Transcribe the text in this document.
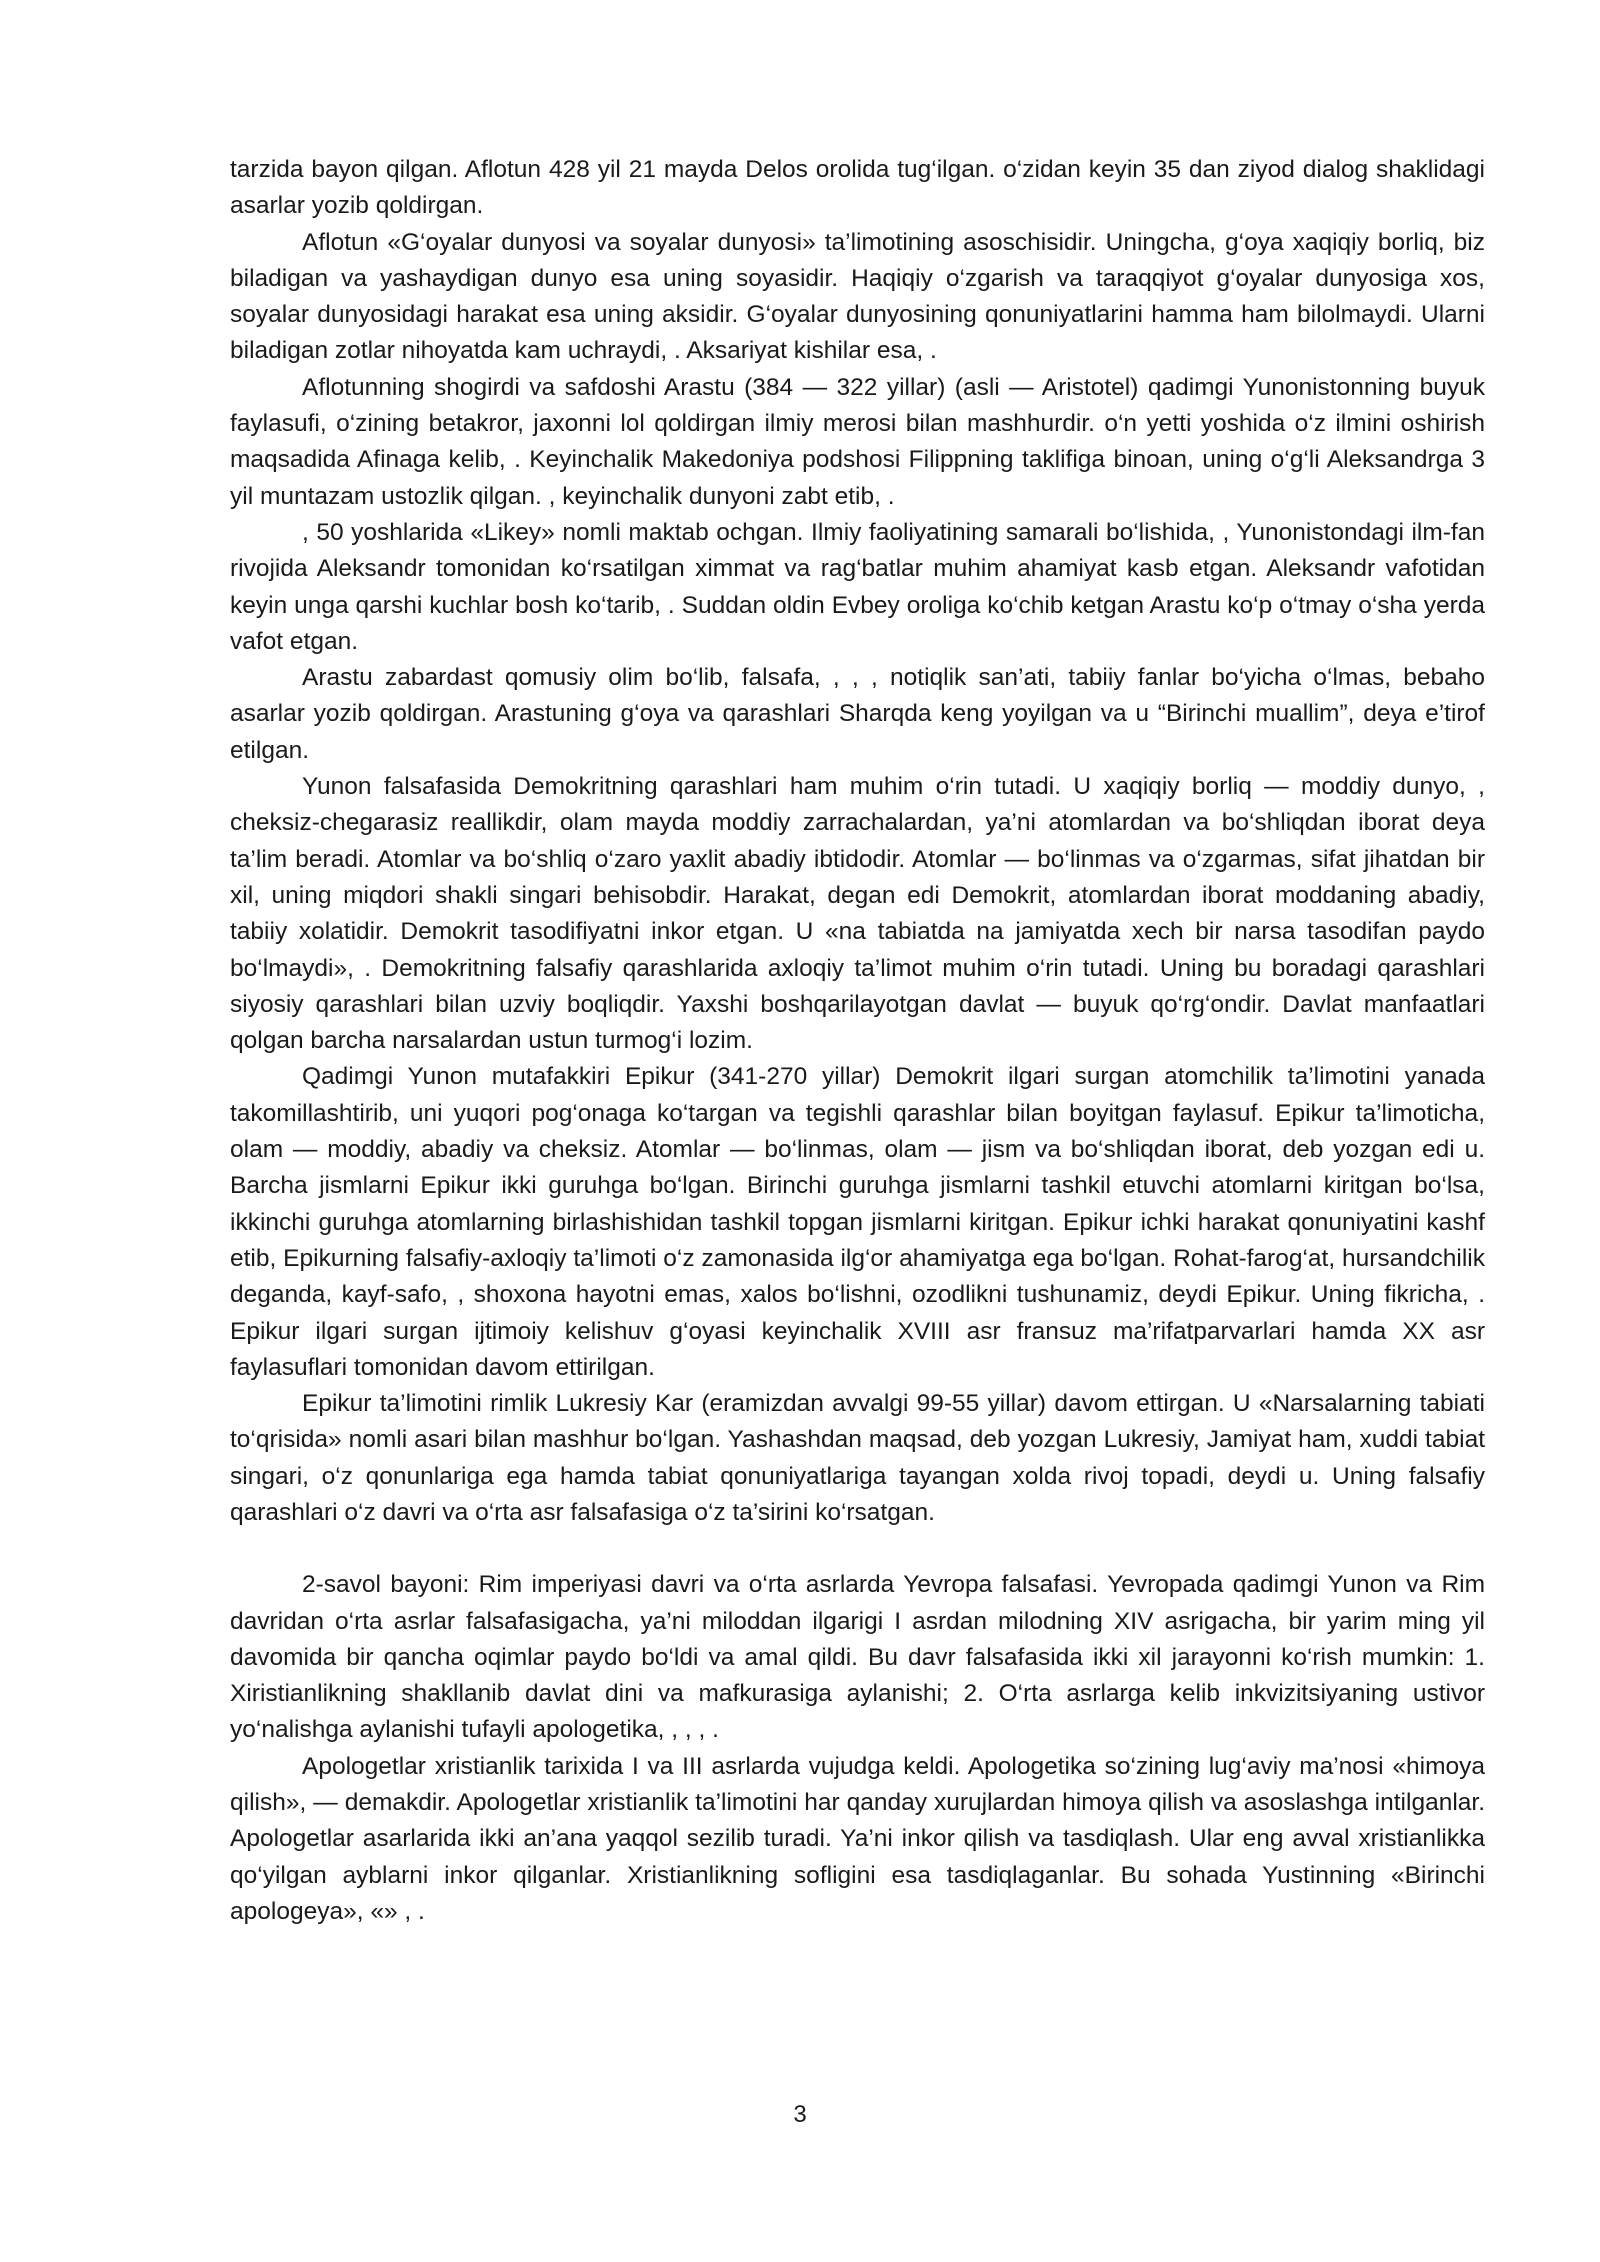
tarzida bayon qilgan. Aflotun 428 yil 21 mayda Delos orolida tug‘ilgan. o‘zidan keyin 35 dan ziyod dialog shaklidagi asarlar yozib qoldirgan.

Aflotun «G‘oyalar dunyosi va soyalar dunyosi» ta’limotining asoschisidir. Uningcha, g‘oya xaqiqiy borliq, biz biladigan va yashaydigan dunyo esa uning soyasidir. Haqiqiy o‘zgarish va taraqqiyot g‘oyalar dunyosiga xos, soyalar dunyosidagi harakat esa uning aksidir. G‘oyalar dunyosining qonuniyatlarini hamma ham bilolmaydi. Ularni biladigan zotlar nihoyatda kam uchraydi, . Aksariyat kishilar esa, .

Aflotunning shogirdi va safdoshi Arastu (384 — 322 yillar) (asli — Aristotel) qadimgi Yunonistonning buyuk faylasufi, o‘zining betakror, jaxonni lol qoldirgan ilmiy merosi bilan mashhurdir. o‘n yetti yoshida o‘z ilmini oshirish maqsadida Afinaga kelib, . Keyinchalik Makedoniya podshosi Filippning taklifiga binoan, uning o‘g‘li Aleksandrga 3 yil muntazam ustozlik qilgan. , keyinchalik dunyoni zabt etib, .

, 50 yoshlarida «Likey» nomli maktab ochgan. Ilmiy faoliyatining samarali bo‘lishida, , Yunonistondagi ilm-fan rivojida Aleksandr tomonidan ko‘rsatilgan ximmat va rag‘batlar muhim ahamiyat kasb etgan. Aleksandr vafotidan keyin unga qarshi kuchlar bosh ko‘tarib, . Suddan oldin Evbey oroliga ko‘chib ketgan Arastu ko‘p o‘tmay o‘sha yerda vafot etgan.

Arastu zabardast qomusiy olim bo‘lib, falsafa, , , , notiqlik san’ati, tabiiy fanlar bo‘yicha o‘lmas, bebaho asarlar yozib qoldirgan. Arastuning g‘oya va qarashlari Sharqda keng yoyilgan va u “Birinchi muallim”, deya e’tirof etilgan.

Yunon falsafasida Demokritning qarashlari ham muhim o‘rin tutadi. U xaqiqiy borliq — moddiy dunyo, , cheksiz-chegarasiz reallikdir, olam mayda moddiy zarrachalardan, ya’ni atomlardan va bo‘shliqdan iborat deya ta’lim beradi. Atomlar va bo‘shliq o‘zaro yaxlit abadiy ibtidodir. Atomlar — bo‘linmas va o‘zgarmas, sifat jihatdan bir xil, uning miqdori shakli singari behisobdir. Harakat, degan edi Demokrit, atomlardan iborat moddaning abadiy, tabiiy xolatidir. Demokrit tasodifiyatni inkor etgan. U «na tabiatda na jamiyatda xech bir narsa tasodifan paydo bo‘lmaydi», . Demokritning falsafiy qarashlarida axloqiy ta’limot muhim o‘rin tutadi. Uning bu boradagi qarashlari siyosiy qarashlari bilan uzviy boqliqdir. Yaxshi boshqarilayotgan davlat — buyuk qo‘rg‘ondir. Davlat manfaatlari qolgan barcha narsalardan ustun turmog‘i lozim.

Qadimgi Yunon mutafakkiri Epikur (341-270 yillar) Demokrit ilgari surgan atomchilik ta’limotini yanada takomillashtirib, uni yuqori pog‘onaga ko‘targan va tegishli qarashlar bilan boyitgan faylasuf. Epikur ta’limoticha, olam — moddiy, abadiy va cheksiz. Atomlar — bo‘linmas, olam — jism va bo‘shliqdan iborat, deb yozgan edi u. Barcha jismlarni Epikur ikki guruhga bo‘lgan. Birinchi guruhga jismlarni tashkil etuvchi atomlarni kiritgan bo‘lsa, ikkinchi guruhga atomlarning birlashishidan tashkil topgan jismlarni kiritgan. Epikur ichki harakat qonuniyatini kashf etib, Epikurning falsafiy-axloqiy ta’limoti o‘z zamonasida ilg‘or ahamiyatga ega bo‘lgan. Rohat-farog‘at, hursandchilik deganda, kayf-safo, , shoxona hayotni emas, xalos bo‘lishni, ozodlikni tushunamiz, deydi Epikur. Uning fikricha, . Epikur ilgari surgan ijtimoiy kelishuv g‘oyasi keyinchalik XVIII asr fransuz ma’rifatparvarlari hamda XX asr faylasuflari tomonidan davom ettirilgan.

Epikur ta’limotini rimlik Lukresiy Kar (eramizdan avvalgi 99-55 yillar) davom ettirgan. U «Narsalarning tabiati to‘qrisida» nomli asari bilan mashhur bo‘lgan. Yashashdan maqsad, deb yozgan Lukresiy, Jamiyat ham, xuddi tabiat singari, o‘z qonunlariga ega hamda tabiat qonuniyatlariga tayangan xolda rivoj topadi, deydi u. Uning falsafiy qarashlari o‘z davri va o‘rta asr falsafasiga o‘z ta’sirini ko‘rsatgan.

2-savol bayoni: Rim imperiyasi davri va o‘rta asrlarda Yevropa falsafasi. Yevropada qadimgi Yunon va Rim davridan o‘rta asrlar falsafasigacha, ya’ni miloddan ilgarigi I asrdan milodning XIV asrigacha, bir yarim ming yil davomida bir qancha oqimlar paydo bo‘ldi va amal qildi. Bu davr falsafasida ikki xil jarayonni ko‘rish mumkin: 1. Xiristianlikning shakllanib davlat dini va mafkurasiga aylanishi; 2. O‘rta asrlarga kelib inkvizitsiyaning ustivor yo‘nalishga aylanishi tufayli apologetika, , , , .

Apologetlar xristianlik tarixida I va III asrlarda vujudga keldi. Apologetika so‘zining lug‘aviy ma’nosi «himoya qilish», — demakdir. Apologetlar xristianlik ta’limotini har qanday xurujlardan himoya qilish va asoslashga intilganlar. Apologetlar asarlarida ikki an’ana yaqqol sezilib turadi. Ya’ni inkor qilish va tasdiqlash. Ular eng avval xristianlikka qo‘yilgan ayblarni inkor qilganlar. Xristianlikning sofligini esa tasdiqlaganlar. Bu sohada Yustinning «Birinchi apologeya», «» , .

3
